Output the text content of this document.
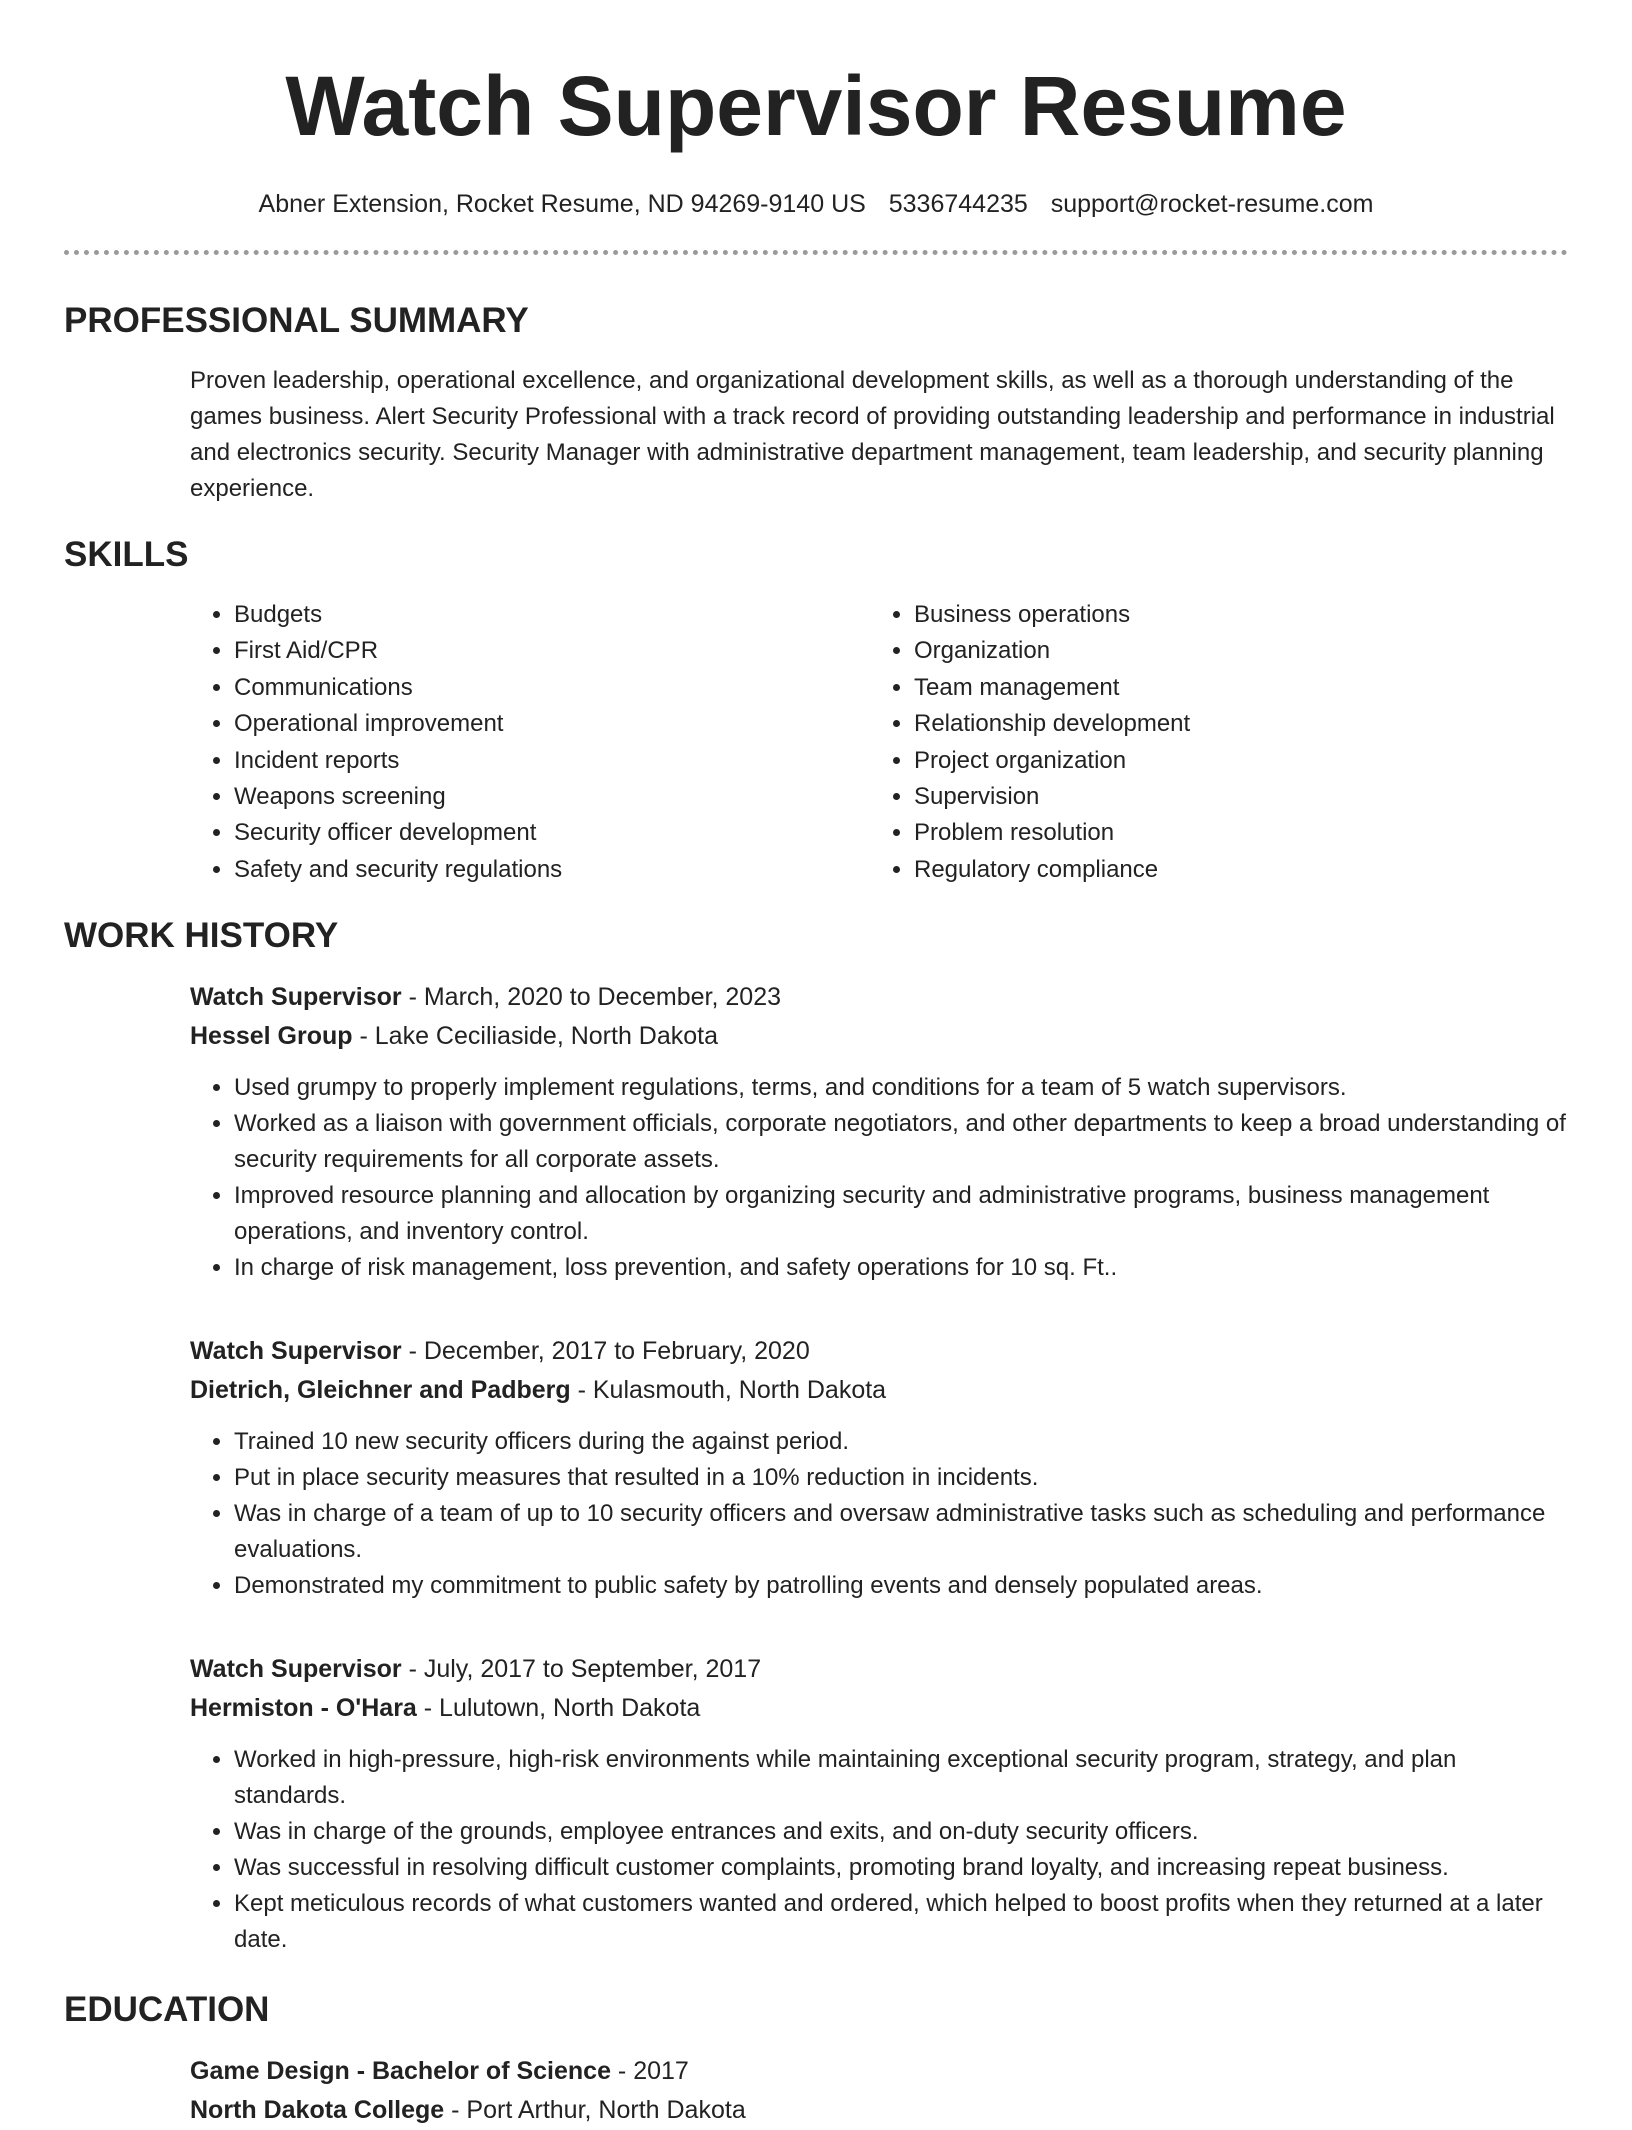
Watch Supervisor Resume
Abner Extension, Rocket Resume, ND 94269-9140 US 5336744235 support@rocket-resume.com
PROFESSIONAL SUMMARY

Proven leadership, operational excellence, and organizational development skills, as well as a thorough understanding of the games business. Alert Security Professional with a track record of providing outstanding leadership and performance in industrial and electronics security. Security Manager with administrative department management, team leadership, and security planning experience.

SKILLS
• Budgets
• First Aid/CPR
• Communications
• Operational improvement
• Incident reports
• Weapons screening
• Security officer development
• Safety and security regulations
• Business operations
• Organization
• Team management
• Relationship development
• Project organization
• Supervision
• Problem resolution
• Regulatory compliance
WORK HISTORY
Watch Supervisor - March, 2020 to December, 2023
Hessel Group - Lake Ceciliaside, North Dakota
• Used grumpy to properly implement regulations, terms, and conditions for a team of 5 watch supervisors.
• Worked as a liaison with government officials, corporate negotiators, and other departments to keep a broad understanding of security requirements for all corporate assets.
• Improved resource planning and allocation by organizing security and administrative programs, business management operations, and inventory control.
• In charge of risk management, loss prevention, and safety operations for 10 sq. Ft..
Watch Supervisor - December, 2017 to February, 2020
Dietrich, Gleichner and Padberg - Kulasmouth, North Dakota
• Trained 10 new security officers during the against period.
• Put in place security measures that resulted in a 10% reduction in incidents.
• Was in charge of a team of up to 10 security officers and oversaw administrative tasks such as scheduling and performance evaluations.
• Demonstrated my commitment to public safety by patrolling events and densely populated areas.
Watch Supervisor - July, 2017 to September, 2017
Hermiston - O'Hara - Lulutown, North Dakota
• Worked in high-pressure, high-risk environments while maintaining exceptional security program, strategy, and plan standards.
• Was in charge of the grounds, employee entrances and exits, and on-duty security officers.
• Was successful in resolving difficult customer complaints, promoting brand loyalty, and increasing repeat business.
• Kept meticulous records of what customers wanted and ordered, which helped to boost profits when they returned at a later date.
EDUCATION
Game Design - Bachelor of Science - 2017
North Dakota College - Port Arthur, North Dakota
